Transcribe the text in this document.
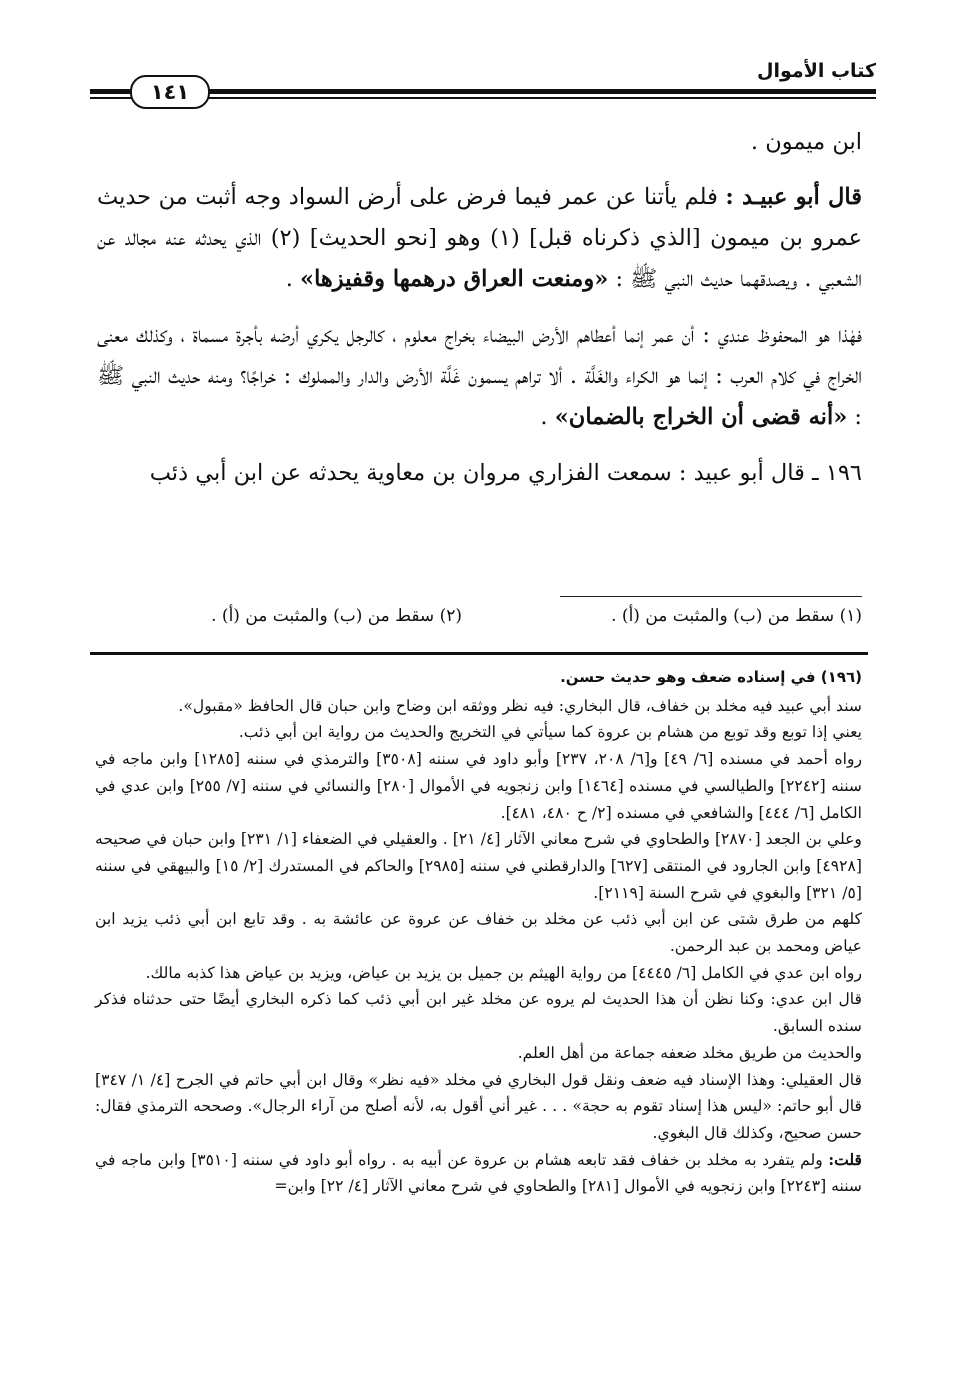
كتاب الأموال
١٤١

ابن ميمون .

قال أبو عبيـد : فلم يأتنا عن عمر فيما فرض على أرض السواد وجه أثبت من حديث عمرو بن ميمون [الذي ذكرناه قبل] (١) وهو [نحو الحديث] (٢) الذي يحدثه عنه مجالد عن الشعبي . ويصدقهما حديث النبي ﷺ : «ومنعت العراق درهمها وقفيزها» .

فهٰذا هو المحفوظ عندي : أن عمر إنما أعطاهم الأرض البيضاء بخراج معلوم ، كالرجل يكري أرضه بأجرة مسماة ، وكذلك معنى الخراج في كلام العرب : إنما هو الكراء والغَلَّة . ألا تراهم يسمون غَلَّة الأرض والدار والمملوك : خراجًا؟ ومنه حديث النبي ﷺ : «أنه قضى أن الخراج بالضمان» .

١٩٦ ـ قال أبو عبيد : سمعت الفزاري مروان بن معاوية يحدثه عن ابن أبي ذئب

(١) سقط من (ب) والمثبت من (أ) .
(٢) سقط من (ب) والمثبت من (أ) .
(١٩٦) في إسناده ضعف وهو حديث حسن.

سند أبي عبيد فيه مخلد بن خفاف، قال البخاري: فيه نظر ووثقه ابن وضاح وابن حبان قال الحافظ «مقبول».

يعني إذا توبع وقد توبع من هشام بن عروة كما سيأتي في التخريج والحديث من رواية ابن أبي ذئب.

رواه أحمد في مسنده [٦/ ٤٩] و[٦/ ٢٠٨، ٢٣٧] وأبو داود في سننه [٣٥٠٨] والترمذي في سننه [١٢٨٥] وابن ماجه في سننه [٢٢٤٢] والطيالسي في مسنده [١٤٦٤] وابن زنجويه في الأموال [٢٨٠] والنسائي في سننه [٧/ ٢٥٥] وابن عدي في الكامل [٦/ ٤٤٤] والشافعي في مسنده [٢/ ح ٤٨٠، ٤٨١].

وعلي بن الجعد [٢٨٧٠] والطحاوي في شرح معاني الآثار [٤/ ٢١] . والعقيلي في الضعفاء [١/ ٢٣١] وابن حبان في صحيحه [٤٩٢٨] وابن الجارود في المنتقى [٦٢٧] والدارقطني في سننه [٢٩٨٥] والحاكم في المستدرك [٢/ ١٥] والبيهقي في سننه [٥/ ٣٢١] والبغوي في شرح السنة [٢١١٩].

كلهم من طرق شتى عن ابن أبي ذئب عن مخلد بن خفاف عن عروة عن عائشة به . وقد تابع ابن أبي ذئب يزيد ابن عياض ومحمد بن عبد الرحمن.

رواه ابن عدي في الكامل [٦/ ٤٤٤٥] من رواية الهيثم بن جميل بن يزيد بن عياض، ويزيد بن عياض هذا كذبه مالك.

قال ابن عدي: وكنا نظن أن هذا الحديث لم يروه عن مخلد غير ابن أبي ذئب كما ذكره البخاري أيضًا حتى حدثناه فذكر سنده السابق.

والحديث من طريق مخلد ضعفه جماعة من أهل العلم.

قال العقيلي: وهذا الإسناد فيه ضعف ونقل قول البخاري في مخلد «فيه نظر» وقال ابن أبي حاتم في الجرح [٤/ ١/ ٣٤٧] قال أبو حاتم: «ليس هذا إسناد تقوم به حجة» . . . غير أني أقول به، لأنه أصلح من آراء الرجال». وصححه الترمذي فقال: حسن صحيح، وكذلك قال البغوي.

قلت: ولم يتفرد به مخلد بن خفاف فقد تابعه هشام بن عروة عن أبيه به . رواه أبو داود في سننه [٣٥١٠] وابن ماجه في سننه [٢٢٤٣] وابن زنجويه في الأموال [٢٨١] والطحاوي في شرح معاني الآثار [٤/ ٢٢] وابن=
